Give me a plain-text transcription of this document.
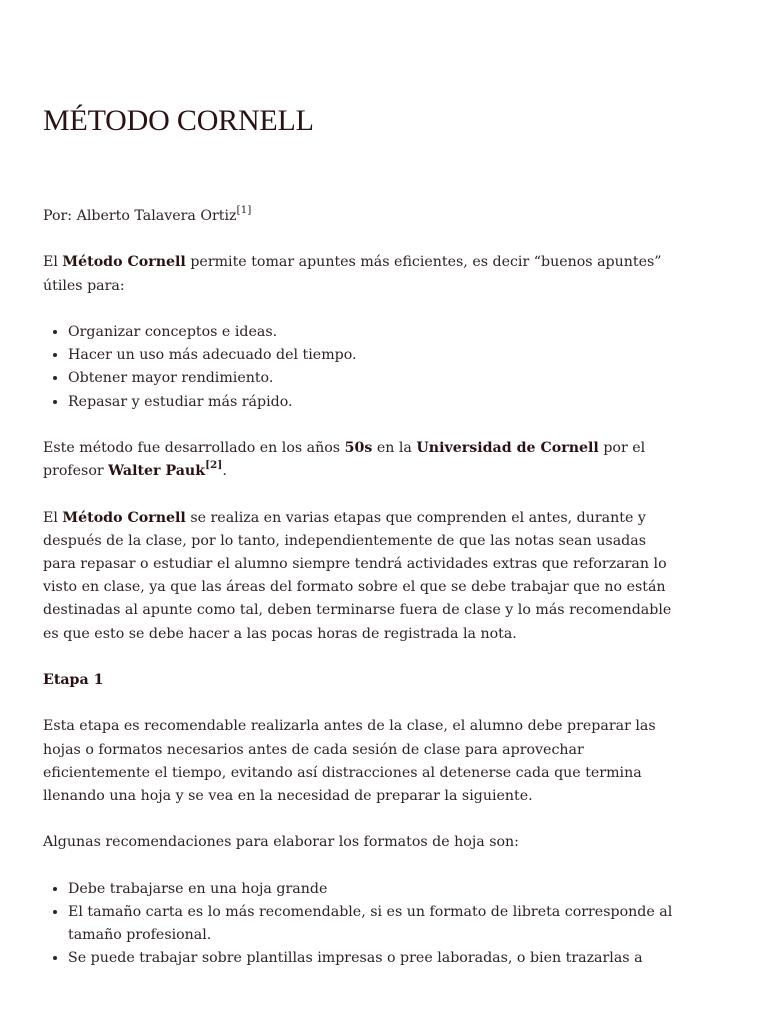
MÉTODO CORNELL

Por: Alberto Talavera Ortiz[1]

El Método Cornell permite tomar apuntes más eficientes, es decir “buenos apuntes” útiles para:

• Organizar conceptos e ideas.
• Hacer un uso más adecuado del tiempo.
• Obtener mayor rendimiento.
• Repasar y estudiar más rápido.

Este método fue desarrollado en los años 50s en la Universidad de Cornell por el profesor Walter Pauk[2].

El Método Cornell se realiza en varias etapas que comprenden el antes, durante y después de la clase, por lo tanto, independientemente de que las notas sean usadas para repasar o estudiar el alumno siempre tendrá actividades extras que reforzaran lo visto en clase, ya que las áreas del formato sobre el que se debe trabajar que no están destinadas al apunte como tal, deben terminarse fuera de clase y lo más recomendable es que esto se debe hacer a las pocas horas de registrada la nota.

Etapa 1

Esta etapa es recomendable realizarla antes de la clase, el alumno debe preparar las hojas o formatos necesarios antes de cada sesión de clase para aprovechar eficientemente el tiempo, evitando así distracciones al detenerse cada que termina llenando una hoja y se vea en la necesidad de preparar la siguiente.

Algunas recomendaciones para elaborar los formatos de hoja son:

• Debe trabajarse en una hoja grande
• El tamaño carta es lo más recomendable, si es un formato de libreta corresponde al tamaño profesional.
• Se puede trabajar sobre plantillas impresas o pree laboradas, o bien trazarlas a
